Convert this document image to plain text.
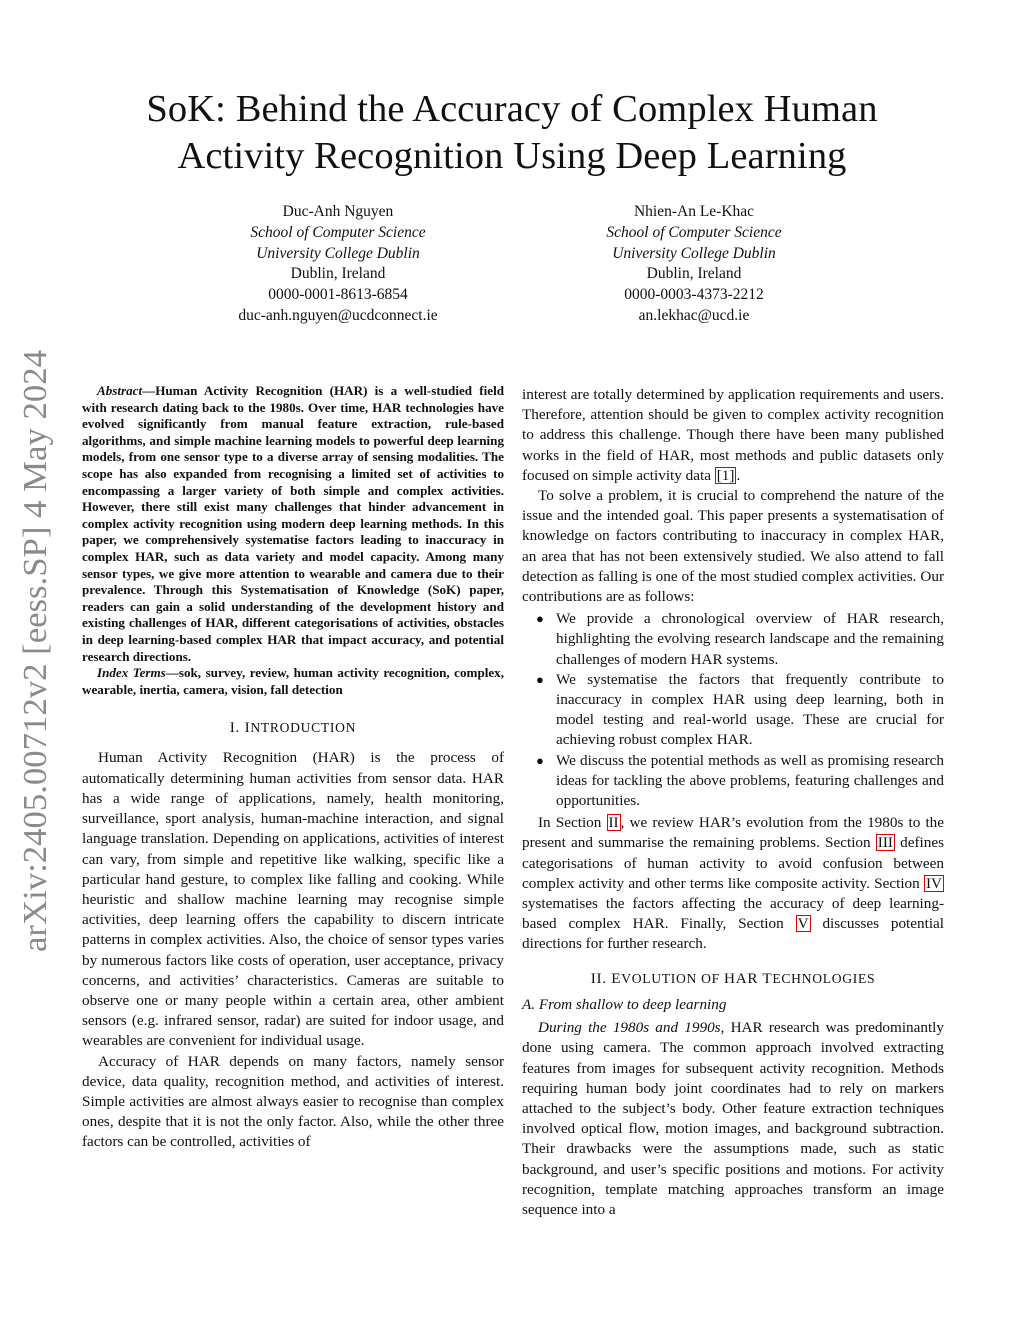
arXiv:2405.00712v2 [eess.SP] 4 May 2024
SoK: Behind the Accuracy of Complex Human
Activity Recognition Using Deep Learning
Duc-Anh Nguyen
School of Computer Science
University College Dublin
Dublin, Ireland
0000-0001-8613-6854
duc-anh.nguyen@ucdconnect.ie
Nhien-An Le-Khac
School of Computer Science
University College Dublin
Dublin, Ireland
0000-0003-4373-2212
an.lekhac@ucd.ie

Abstract—Human Activity Recognition (HAR) is a well-studied field with research dating back to the 1980s. Over time, HAR technologies have evolved significantly from manual feature extraction, rule-based algorithms, and simple machine learning models to powerful deep learning models, from one sensor type to a diverse array of sensing modalities. The scope has also expanded from recognising a limited set of activities to encompassing a larger variety of both simple and complex activities. However, there still exist many challenges that hinder advancement in complex activity recognition using modern deep learning methods. In this paper, we comprehensively systematise factors leading to inaccuracy in complex HAR, such as data variety and model capacity. Among many sensor types, we give more attention to wearable and camera due to their prevalence. Through this Systematisation of Knowledge (SoK) paper, readers can gain a solid understanding of the development history and existing challenges of HAR, different categorisations of activities, obstacles in deep learning-based complex HAR that impact accuracy, and potential research directions.

Index Terms—sok, survey, review, human activity recognition, complex, wearable, inertia, camera, vision, fall detection

I. INTRODUCTION

Human Activity Recognition (HAR) is the process of automatically determining human activities from sensor data. HAR has a wide range of applications, namely, health monitoring, surveillance, sport analysis, human-machine interaction, and signal language translation. Depending on applications, activities of interest can vary, from simple and repetitive like walking, specific like a particular hand gesture, to complex like falling and cooking. While heuristic and shallow machine learning may recognise simple activities, deep learning offers the capability to discern intricate patterns in complex activities. Also, the choice of sensor types varies by numerous factors like costs of operation, user acceptance, privacy concerns, and activities’ characteristics. Cameras are suitable to observe one or many people within a certain area, other ambient sensors (e.g. infrared sensor, radar) are suited for indoor usage, and wearables are convenient for individual usage.

Accuracy of HAR depends on many factors, namely sensor device, data quality, recognition method, and activities of interest. Simple activities are almost always easier to recognise than complex ones, despite that it is not the only factor. Also, while the other three factors can be controlled, activities of

interest are totally determined by application requirements and users. Therefore, attention should be given to complex activity recognition to address this challenge. Though there have been many published works in the field of HAR, most methods and public datasets only focused on simple activity data [1] .

To solve a problem, it is crucial to comprehend the nature of the issue and the intended goal. This paper presents a systematisation of knowledge on factors contributing to inaccuracy in complex HAR, an area that has not been extensively studied. We also attend to fall detection as falling is one of the most studied complex activities. Our contributions are as follows:

● We provide a chronological overview of HAR research, highlighting the evolving research landscape and the remaining challenges of modern HAR systems.
● We systematise the factors that frequently contribute to inaccuracy in complex HAR using deep learning, both in model testing and real-world usage. These are crucial for achieving robust complex HAR.
● We discuss the potential methods as well as promising research ideas for tackling the above problems, featuring challenges and opportunities.

In Section II , we review HAR’s evolution from the 1980s to the present and summarise the remaining problems. Section III defines categorisations of human activity to avoid confusion between complex activity and other terms like composite activity. Section IV systematises the factors affecting the accuracy of deep learning-based complex HAR. Finally, Section V discusses potential directions for further research.

II. EVOLUTION OF HAR TECHNOLOGIES

A. From shallow to deep learning

During the 1980s and 1990s, HAR research was predominantly done using camera. The common approach involved extracting features from images for subsequent activity recognition. Methods requiring human body joint coordinates had to rely on markers attached to the subject’s body. Other feature extraction techniques involved optical flow, motion images, and background subtraction. Their drawbacks were the assumptions made, such as static background, and user’s specific positions and motions. For activity recognition, template matching approaches transform an image sequence into a
